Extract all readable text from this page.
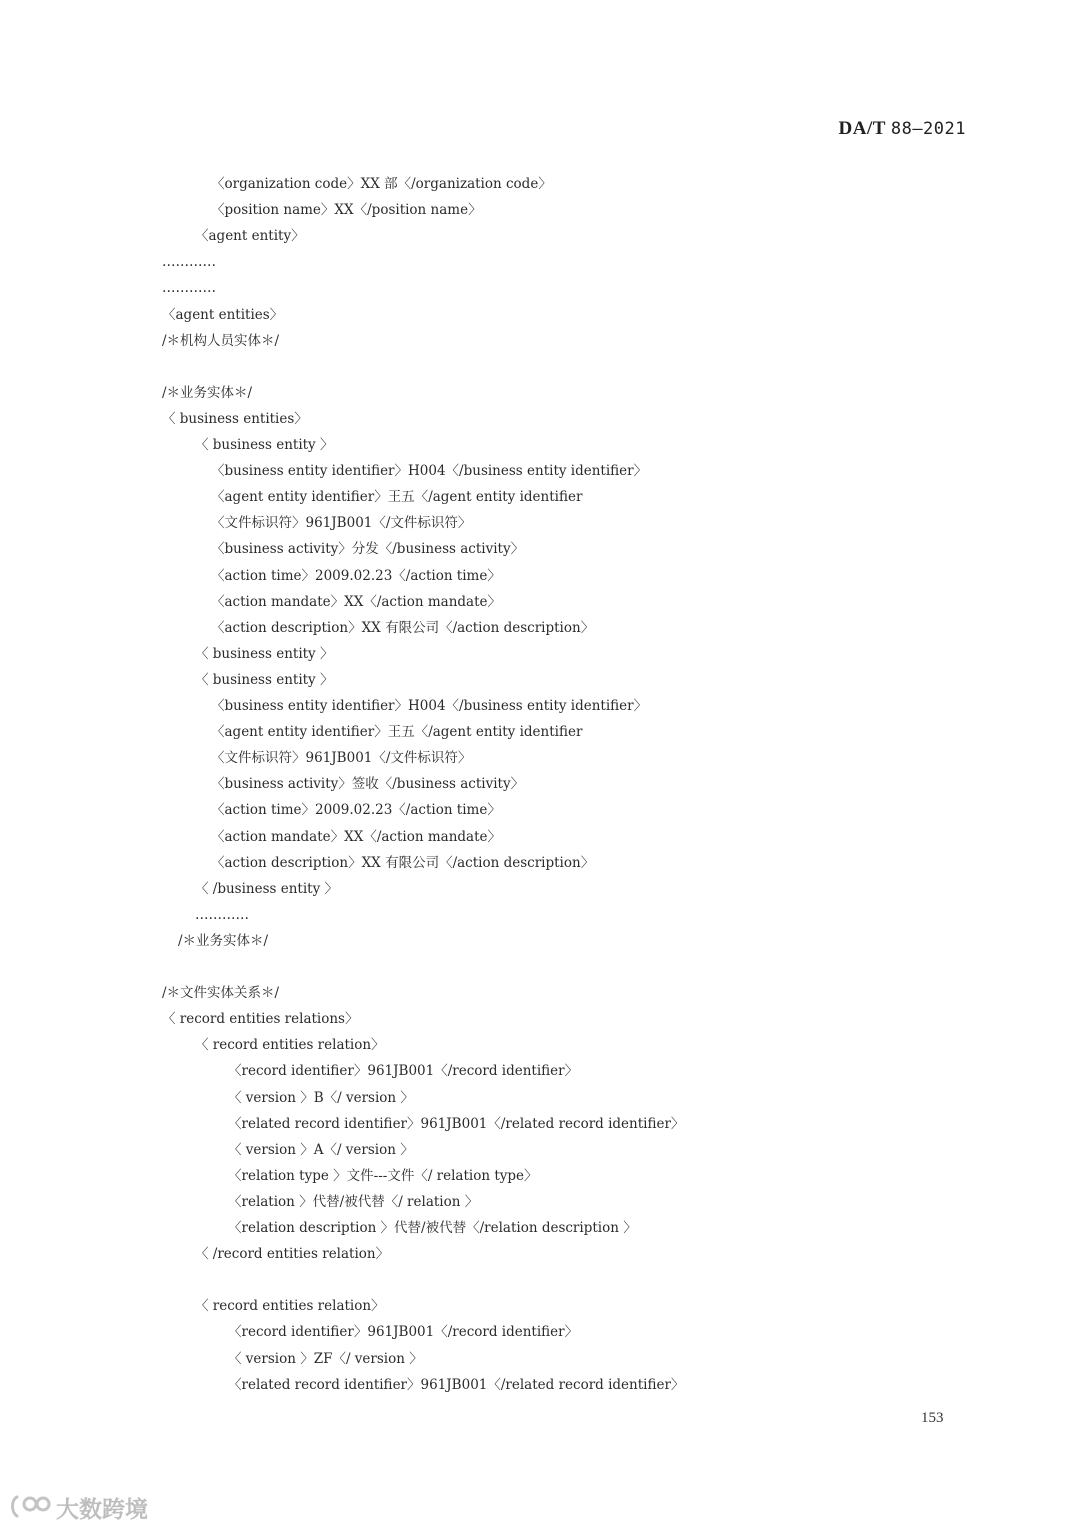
DA/T 88—2021
〈organization code〉XX 部〈/organization code〉
〈position name〉XX〈/position name〉
〈agent entity〉
…………
…………
〈agent entities〉
/＊机构人员实体＊/
/＊业务实体＊/
〈 business entities〉
〈 business entity 〉
〈business entity identifier〉H004〈/business entity identifier〉
〈agent entity identifier〉王五〈/agent entity identifier
〈文件标识符〉961JB001〈/文件标识符〉
〈business activity〉分发〈/business activity〉
〈action time〉2009.02.23〈/action time〉
〈action mandate〉XX〈/action mandate〉
〈action description〉XX 有限公司〈/action description〉
〈 business entity 〉
〈 business entity 〉
〈business entity identifier〉H004〈/business entity identifier〉
〈agent entity identifier〉王五〈/agent entity identifier
〈文件标识符〉961JB001〈/文件标识符〉
〈business activity〉签收〈/business activity〉
〈action time〉2009.02.23〈/action time〉
〈action mandate〉XX〈/action mandate〉
〈action description〉XX 有限公司〈/action description〉
〈 /business entity 〉
…………
/＊业务实体＊/
/＊文件实体关系＊/
〈 record entities relations〉
〈 record entities relation〉
〈record identifier〉961JB001〈/record identifier〉
〈 version 〉B〈/ version 〉
〈related record identifier〉961JB001〈/related record identifier〉
〈 version 〉A〈/ version 〉
〈relation type 〉文件---文件〈/ relation type〉
〈relation 〉代替/被代替〈/ relation 〉
〈relation description 〉代替/被代替〈/relation description 〉
〈 /record entities relation〉
〈 record entities relation〉
〈record identifier〉961JB001〈/record identifier〉
〈 version 〉ZF〈/ version 〉
〈related record identifier〉961JB001〈/related record identifier〉
153
大数跨境
